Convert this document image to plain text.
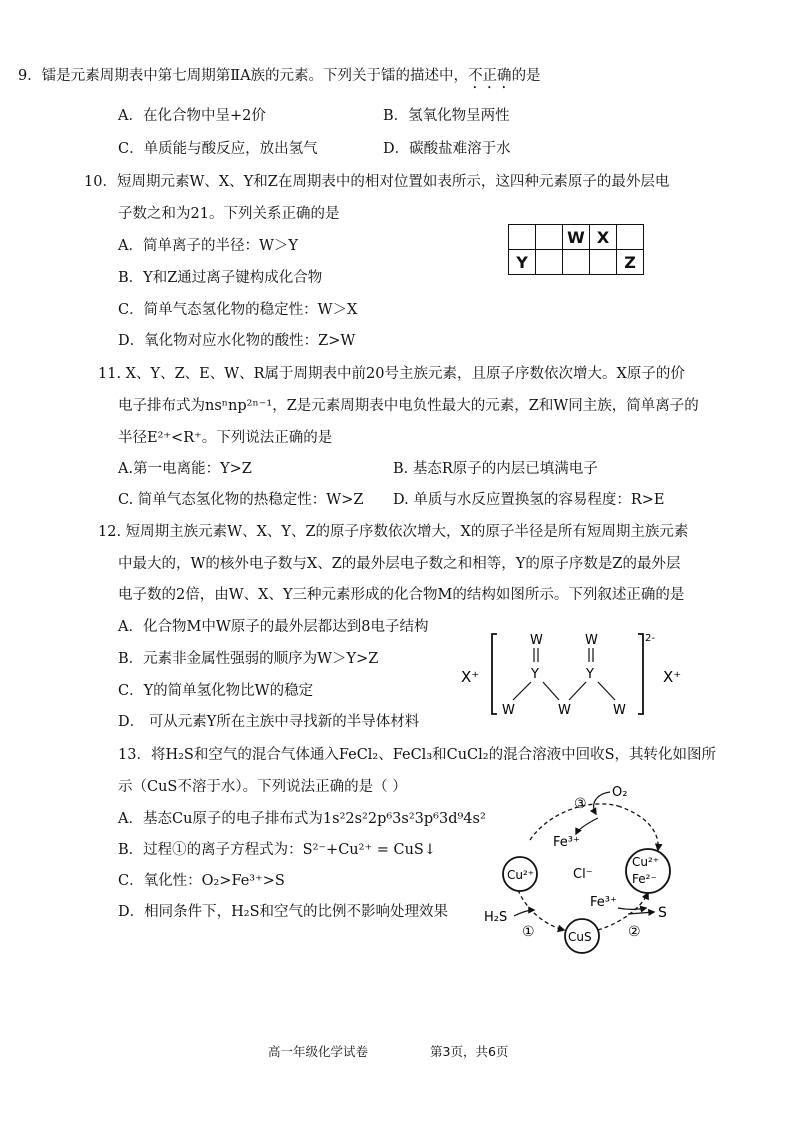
9．镭是元素周期表中第七周期第ⅡA族的元素。下列关于镭的描述中，不正确的是
A．在化合物中呈+2价	B．氢氧化物呈两性
C．单质能与酸反应，放出氢气	D．碳酸盐难溶于水
10．短周期元素W、X、Y和Z在周期表中的相对位置如表所示，这四种元素原子的最外层电
子数之和为21。下列关系正确的是
A．简单离子的半径：W＞Y
B．Y和Z通过离子键构成化合物
C．简单气态氢化物的稳定性：W＞X
D．氧化物对应水化物的酸性：Z>W
		W	X	
Y				Z
11. X、Y、Z、E、W、R属于周期表中前20号主族元素，且原子序数依次增大。X原子的价
电子排布式为nsⁿnp²ⁿ⁻¹，Z是元素周期表中电负性最大的元素，Z和W同主族，简单离子的
半径E²⁺<R⁺。下列说法正确的是
A.第一电离能：Y>Z	B. 基态R原子的内层已填满电子
C. 简单气态氢化物的热稳定性：W>Z D. 单质与水反应置换氢的容易程度：R>E
12. 短周期主族元素W、X、Y、Z的原子序数依次增大，X的原子半径是所有短周期主族元素
中最大的，W的核外电子数与X、Z的最外层电子数之和相等，Y的原子序数是Z的最外层
电子数的2倍，由W、X、Y三种元素形成的化合物M的结构如图所示。下列叙述正确的是
A．化合物M中W原子的最外层都达到8电子结构
B．元素非金属性强弱的顺序为W＞Y>Z
C．Y的简单氢化物比W的稳定
D． 可从元素Y所在主族中寻找新的半导体材料
X⁺	X⁺
2-
W	W
Y	Y
W	W	W
13．将H₂S和空气的混合气体通入FeCl₂、FeCl₃和CuCl₂的混合溶液中回收S，其转化如图所
示（CuS不溶于水）。下列说法正确的是（ ）
A．基态Cu原子的电子排布式为1s²2s²2p⁶3s²3p⁶3d⁹4s²
B．过程①的离子方程式为：S²⁻+Cu²⁺ = CuS↓
C．氧化性：O₂>Fe³⁺>S
D．相同条件下，H₂S和空气的比例不影响处理效果
O₂
③
Fe³⁺
Cu²⁺	Cl⁻
Cu²⁺
Fe²⁻
Fe³⁺
S
H₂S
①	CuS	②
高一年级化学试卷	第3页，共6页
